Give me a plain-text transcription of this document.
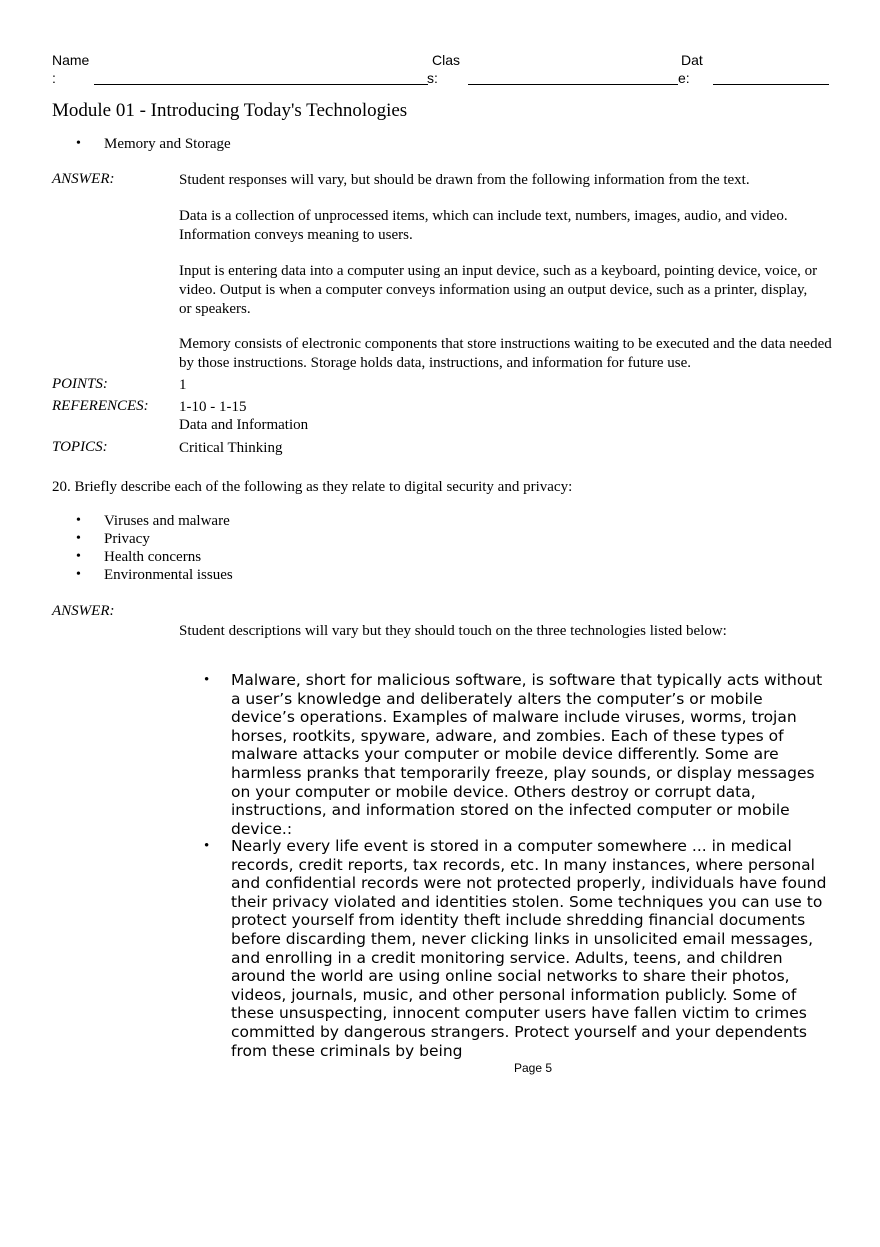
Name
:
Clas
s:
Dat
e:
Module 01 - Introducing Today's Technologies
• Memory and Storage
ANSWER:	Student responses will vary, but should be drawn from the following information from the text.
Data is a collection of unprocessed items, which can include text, numbers, images, audio, and video. Information conveys meaning to users.
Input is entering data into a computer using an input device, such as a keyboard, pointing device, voice, or video. Output is when a computer conveys information using an output device, such as a printer, display, or speakers.
Memory consists of electronic components that store instructions waiting to be executed and the data needed by those instructions. Storage holds data, instructions, and information for future use.
POINTS:	1
REFERENCES: 1-10 - 1-15
Data and Information
TOPICS:	Critical Thinking
20. Briefly describe each of the following as they relate to digital security and privacy:
• Viruses and malware
• Privacy
• Health concerns
• Environmental issues
ANSWER:
Student descriptions will vary but they should touch on the three technologies listed below:
• Malware, short for malicious software, is software that typically acts without a user’s knowledge and deliberately alters the computer’s or mobile device’s operations. Examples of malware include viruses, worms, trojan horses, rootkits, spyware, adware, and zombies. Each of these types of malware attacks your computer or mobile device differently. Some are harmless pranks that temporarily freeze, play sounds, or display messages on your computer or mobile device. Others destroy or corrupt data, instructions, and information stored on the infected computer or mobile device.:
• Nearly every life event is stored in a computer somewhere ... in medical records, credit reports, tax records, etc. In many instances, where personal and confidential records were not protected properly, individuals have found their privacy violated and identities stolen. Some techniques you can use to protect yourself from identity theft include shredding financial documents before discarding them, never clicking links in unsolicited email messages, and enrolling in a credit monitoring service. Adults, teens, and children around the world are using online social networks to share their photos, videos, journals, music, and other personal information publicly. Some of these unsuspecting, innocent computer users have fallen victim to crimes committed by dangerous strangers. Protect yourself and your dependents from these criminals by being
Page 5
